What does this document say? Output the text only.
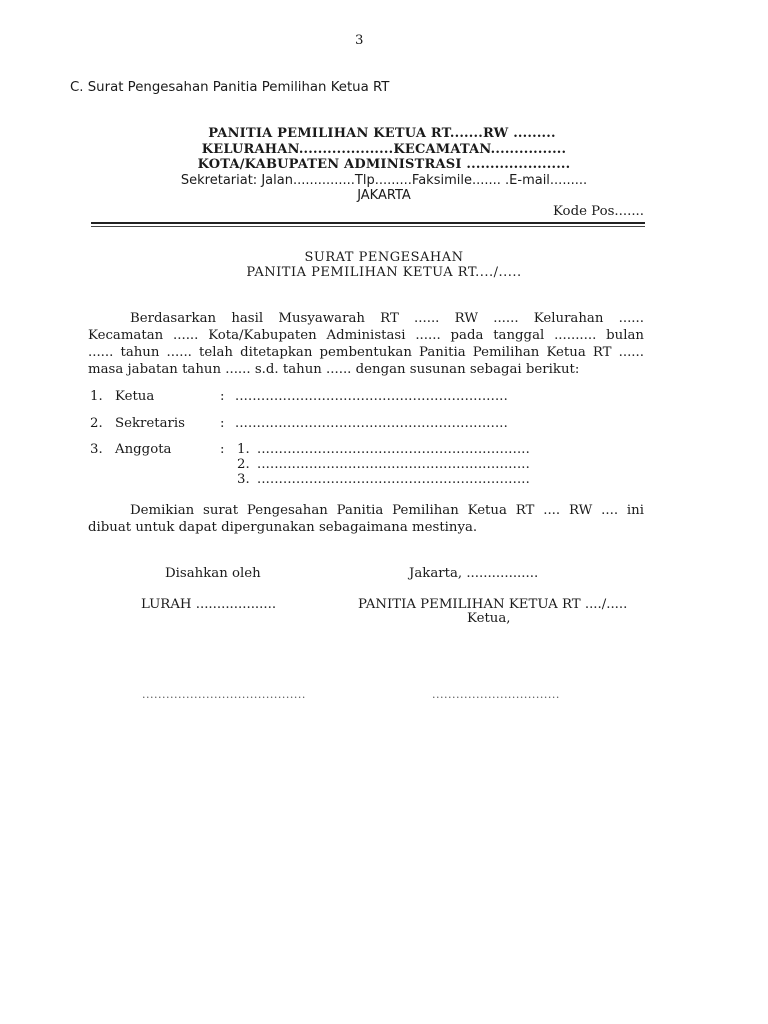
3
C. Surat Pengesahan Panitia Pemilihan Ketua RT
PANITIA PEMILIHAN KETUA RT.......RW .........
KELURAHAN....................KECAMATAN................
KOTA/KABUPATEN ADMINISTRASI ......................
Sekretariat: Jalan...............Tlp.........Faksimile....... .E-mail.........
JAKARTA
Kode Pos.......
SURAT PENGESAHAN
PANITIA PEMILIHAN KETUA RT..../.....
Berdasarkan hasil Musyawarah RT ...... RW ...... Kelurahan ......
Kecamatan ...... Kota/Kabupaten Administasi ...... pada tanggal .......... bulan
...... tahun ...... telah ditetapkan pembentukan Panitia Pemilihan Ketua RT ......
masa jabatan tahun ...... s.d. tahun ...... dengan susunan sebagai berikut:
1. Ketua	: ...............................................................
2. Sekretaris	: ...............................................................
3. Anggota	: 1. ...............................................................
2. ...............................................................
3. ...............................................................
Demikian surat Pengesahan Panitia Pemilihan Ketua RT .... RW .... ini
dibuat untuk dapat dipergunakan sebagaimana mestinya.
Disahkan oleh	Jakarta, .................
LURAH ...................	PANITIA PEMILIHAN KETUA RT ..../.....
Ketua,
.........................................	................................
